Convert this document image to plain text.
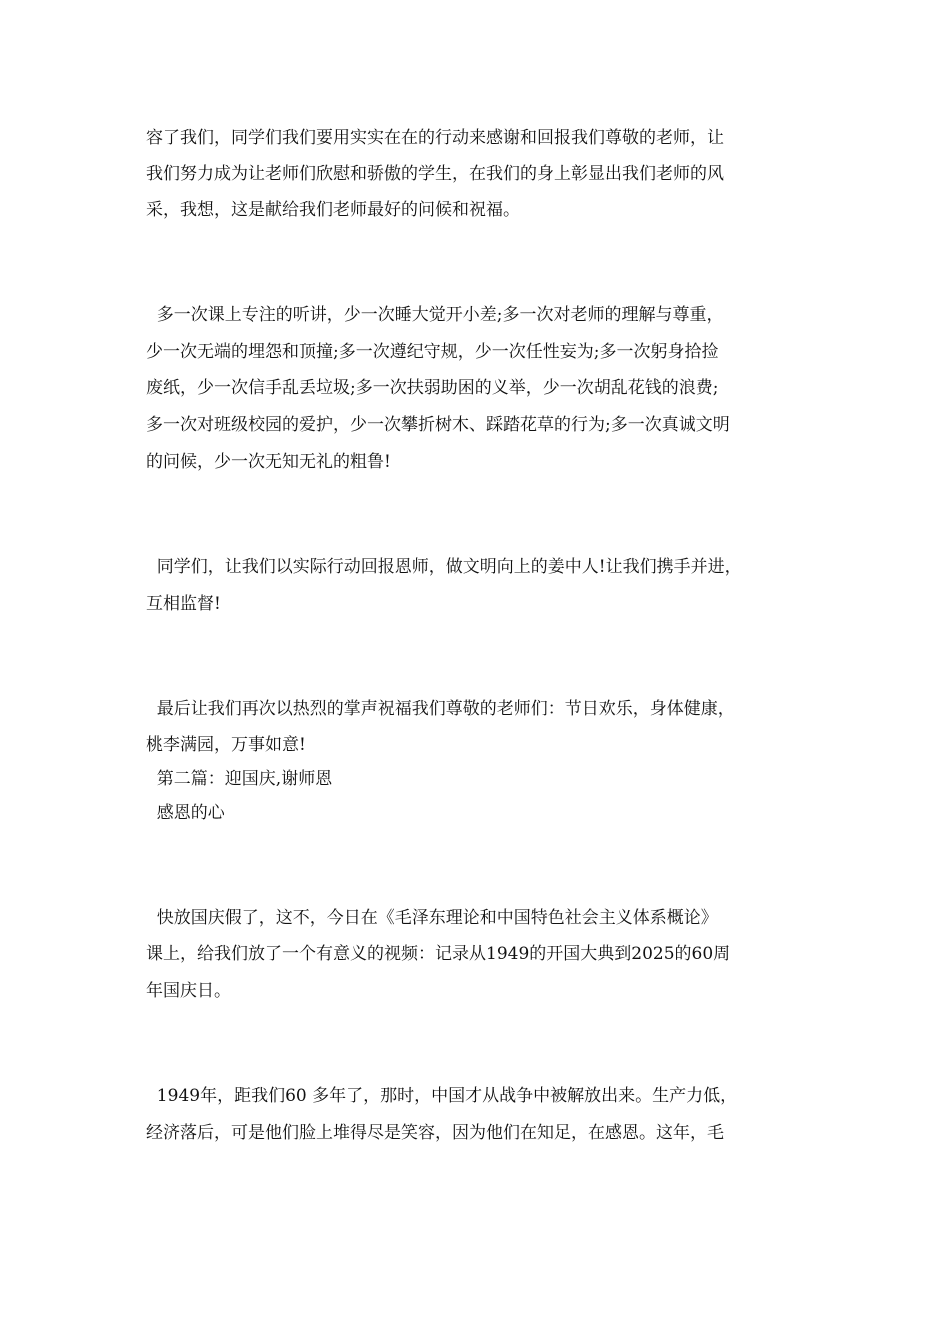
容了我们，同学们我们要用实实在在的行动来感谢和回报我们尊敬的老师，让
我们努力成为让老师们欣慰和骄傲的学生，在我们的身上彰显出我们老师的风
采，我想，这是献给我们老师最好的问候和祝福。
多一次课上专注的听讲，少一次睡大觉开小差;多一次对老师的理解与尊重，
少一次无端的埋怨和顶撞;多一次遵纪守规，少一次任性妄为;多一次躬身拾捡
废纸，少一次信手乱丢垃圾;多一次扶弱助困的义举，少一次胡乱花钱的浪费;
多一次对班级校园的爱护，少一次攀折树木、踩踏花草的行为;多一次真诚文明
的问候，少一次无知无礼的粗鲁!
同学们，让我们以实际行动回报恩师，做文明向上的姜中人!让我们携手并进，
互相监督!
最后让我们再次以热烈的掌声祝福我们尊敬的老师们：节日欢乐，身体健康，
桃李满园，万事如意!
第二篇：迎国庆,谢师恩
感恩的心
快放国庆假了，这不，今日在《毛泽东理论和中国特色社会主义体系概论》
课上，给我们放了一个有意义的视频：记录从1949的开国大典到2025的60周
年国庆日。
1949年，距我们60 多年了，那时，中国才从战争中被解放出来。生产力低，
经济落后，可是他们脸上堆得尽是笑容，因为他们在知足，在感恩。这年，毛
